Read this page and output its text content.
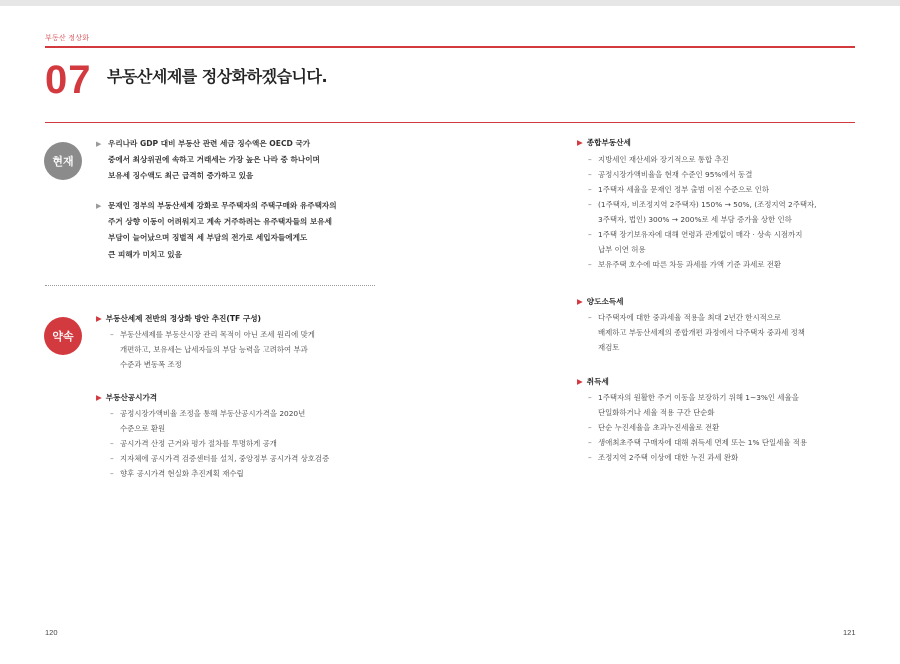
부동산 정상화
07 부동산세제를 정상화하겠습니다.
현재
▶ 우리나라 GDP 대비 부동산 관련 세금 징수액은 OECD 국가
중에서 최상위권에 속하고 거래세는 가장 높은 나라 중 하나이며
보유세 징수액도 최근 급격히 증가하고 있음
▶ 문재인 정부의 부동산세제 강화로 무주택자의 주택구매와 유주택자의
주거 상향 이동이 어려워지고 계속 거주하려는 유주택자들의 보유세
부담이 늘어났으며 징벌적 세 부담의 전가로 세입자들에게도
큰 피해가 미치고 있음
약속
▶ 부동산세제 전반의 정상화 방안 추진(TF 구성)
– 부동산세제를 부동산시장 관리 목적이 아닌 조세 원리에 맞게
개편하고, 보유세는 납세자들의 부담 능력을 고려하여 부과
수준과 변동폭 조정
▶ 부동산공시가격
– 공정시장가액비율 조정을 통해 부동산공시가격을 2020년
수준으로 환원
– 공시가격 산정 근거와 평가 절차를 투명하게 공개
– 지자체에 공시가격 검증센터를 설치, 중앙정부 공시가격 상호검증
– 향후 공시가격 현실화 추진계획 재수립
▶ 종합부동산세
– 지방세인 재산세와 장기적으로 통합 추진
– 공정시장가액비율을 현재 수준인 95%에서 동결
– 1주택자 세율을 문재인 정부 출범 이전 수준으로 인하
– (1주택자, 비조정지역 2주택자) 150% → 50%, (조정지역 2주택자,
3주택자, 법인) 300% → 200%로 세 부담 증가율 상한 인하
– 1주택 장기보유자에 대해 연령과 관계없이 매각 · 상속 시점까지
납부 이연 허용
– 보유주택 호수에 따른 차등 과세를 가액 기준 과세로 전환
▶ 양도소득세
– 다주택자에 대한 중과세율 적용을 최대 2년간 한시적으로
배제하고 부동산세제의 종합개편 과정에서 다주택자 중과세 정책
재검토
▶ 취득세
– 1주택자의 원활한 주거 이동을 보장하기 위해 1~3%인 세율을
단일화하거나 세율 적용 구간 단순화
– 단순 누진세율을 초과누진세율로 전환
– 생애최초주택 구매자에 대해 취득세 면제 또는 1% 단일세율 적용
– 조정지역 2주택 이상에 대한 누진 과세 완화
120	121
